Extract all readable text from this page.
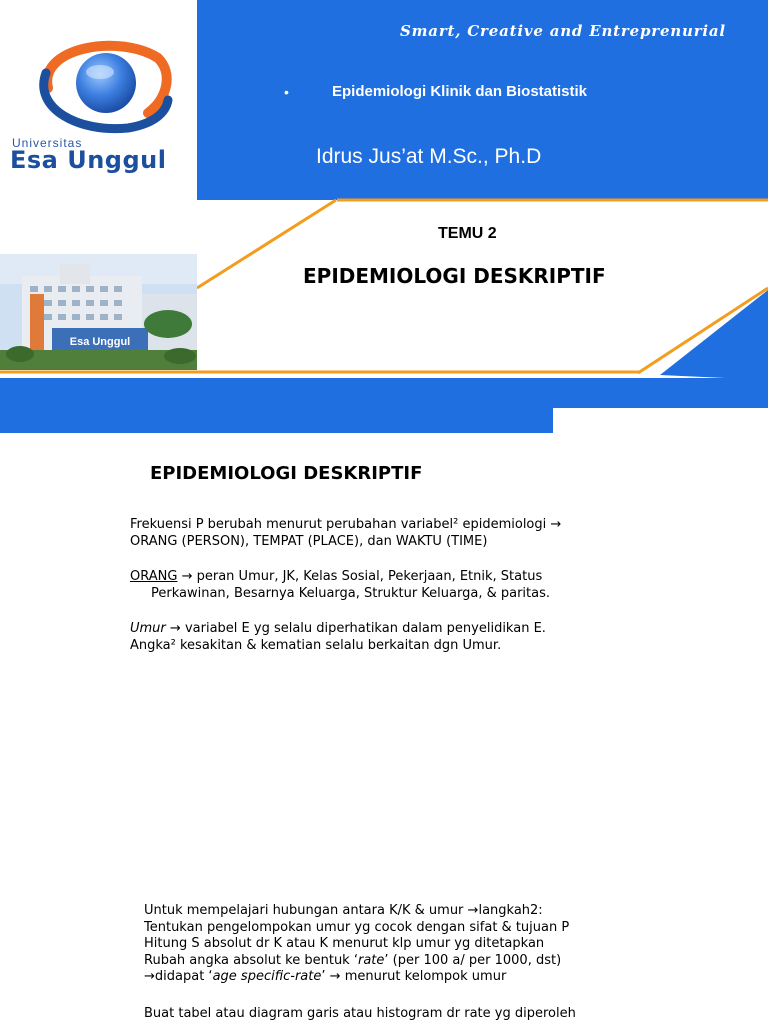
Universitas
Esa Unggul
Esa Unggul
Smart, Creative and Entreprenurial
•	Epidemiologi Klinik dan Biostatistik
Idrus Jus’at M.Sc., Ph.D
TEMU 2
EPIDEMIOLOGI DESKRIPTIF
EPIDEMIOLOGI DESKRIPTIF
Frekuensi P berubah menurut perubahan variabel² epidemiologi →
ORANG (PERSON), TEMPAT (PLACE), dan WAKTU (TIME)
ORANG → peran Umur, JK, Kelas Sosial, Pekerjaan, Etnik, Status
Perkawinan, Besarnya Keluarga, Struktur Keluarga, & paritas.
Umur → variabel E yg selalu diperhatikan dalam penyelidikan E.
Angka² kesakitan & kematian selalu berkaitan dgn Umur.
Untuk mempelajari hubungan antara K/K & umur →langkah2:
Tentukan pengelompokan umur yg cocok dengan sifat & tujuan P
Hitung S absolut dr K atau K menurut klp umur yg ditetapkan
Rubah angka absolut ke bentuk ‘rate’ (per 100 a/ per 1000, dst)
→didapat ‘age specific-rate’ → menurut kelompok umur
Buat tabel atau diagram garis atau histogram dr rate yg diperoleh
